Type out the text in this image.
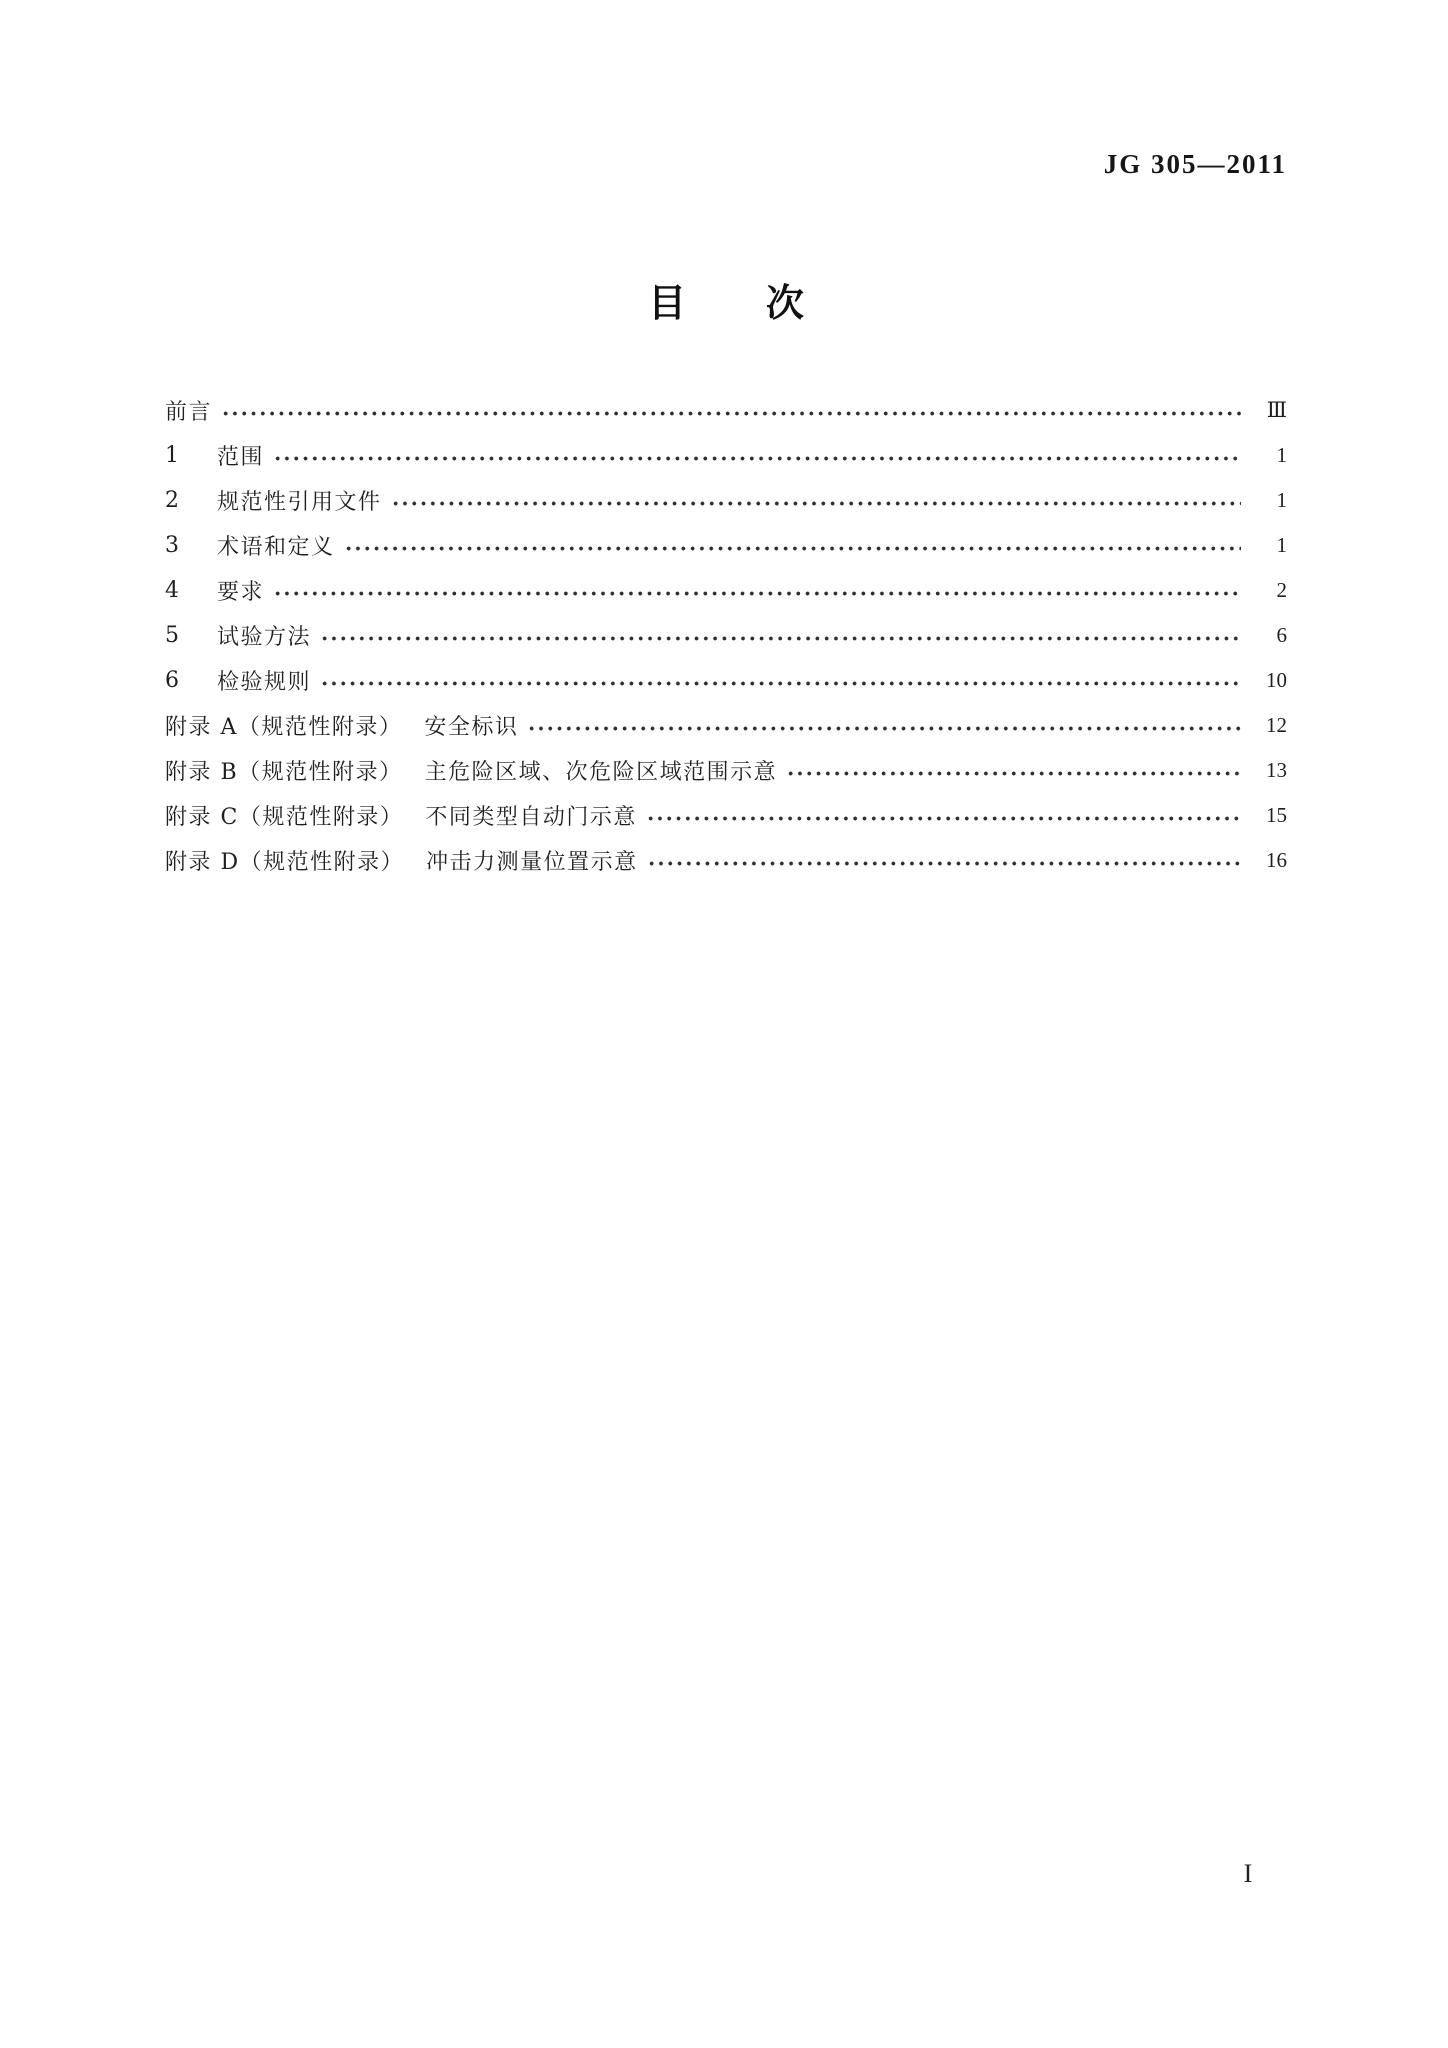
JG 305—2011
目次
前言	Ⅲ
1	范围	1
2	规范性引用文件	1
3	术语和定义	1
4	要求	2
5	试验方法	6
6	检验规则	10
附录 A（规范性附录） 安全标识	12
附录 B（规范性附录） 主危险区域、次危险区域范围示意	13
附录 C（规范性附录） 不同类型自动门示意	15
附录 D（规范性附录） 冲击力测量位置示意	16
I
